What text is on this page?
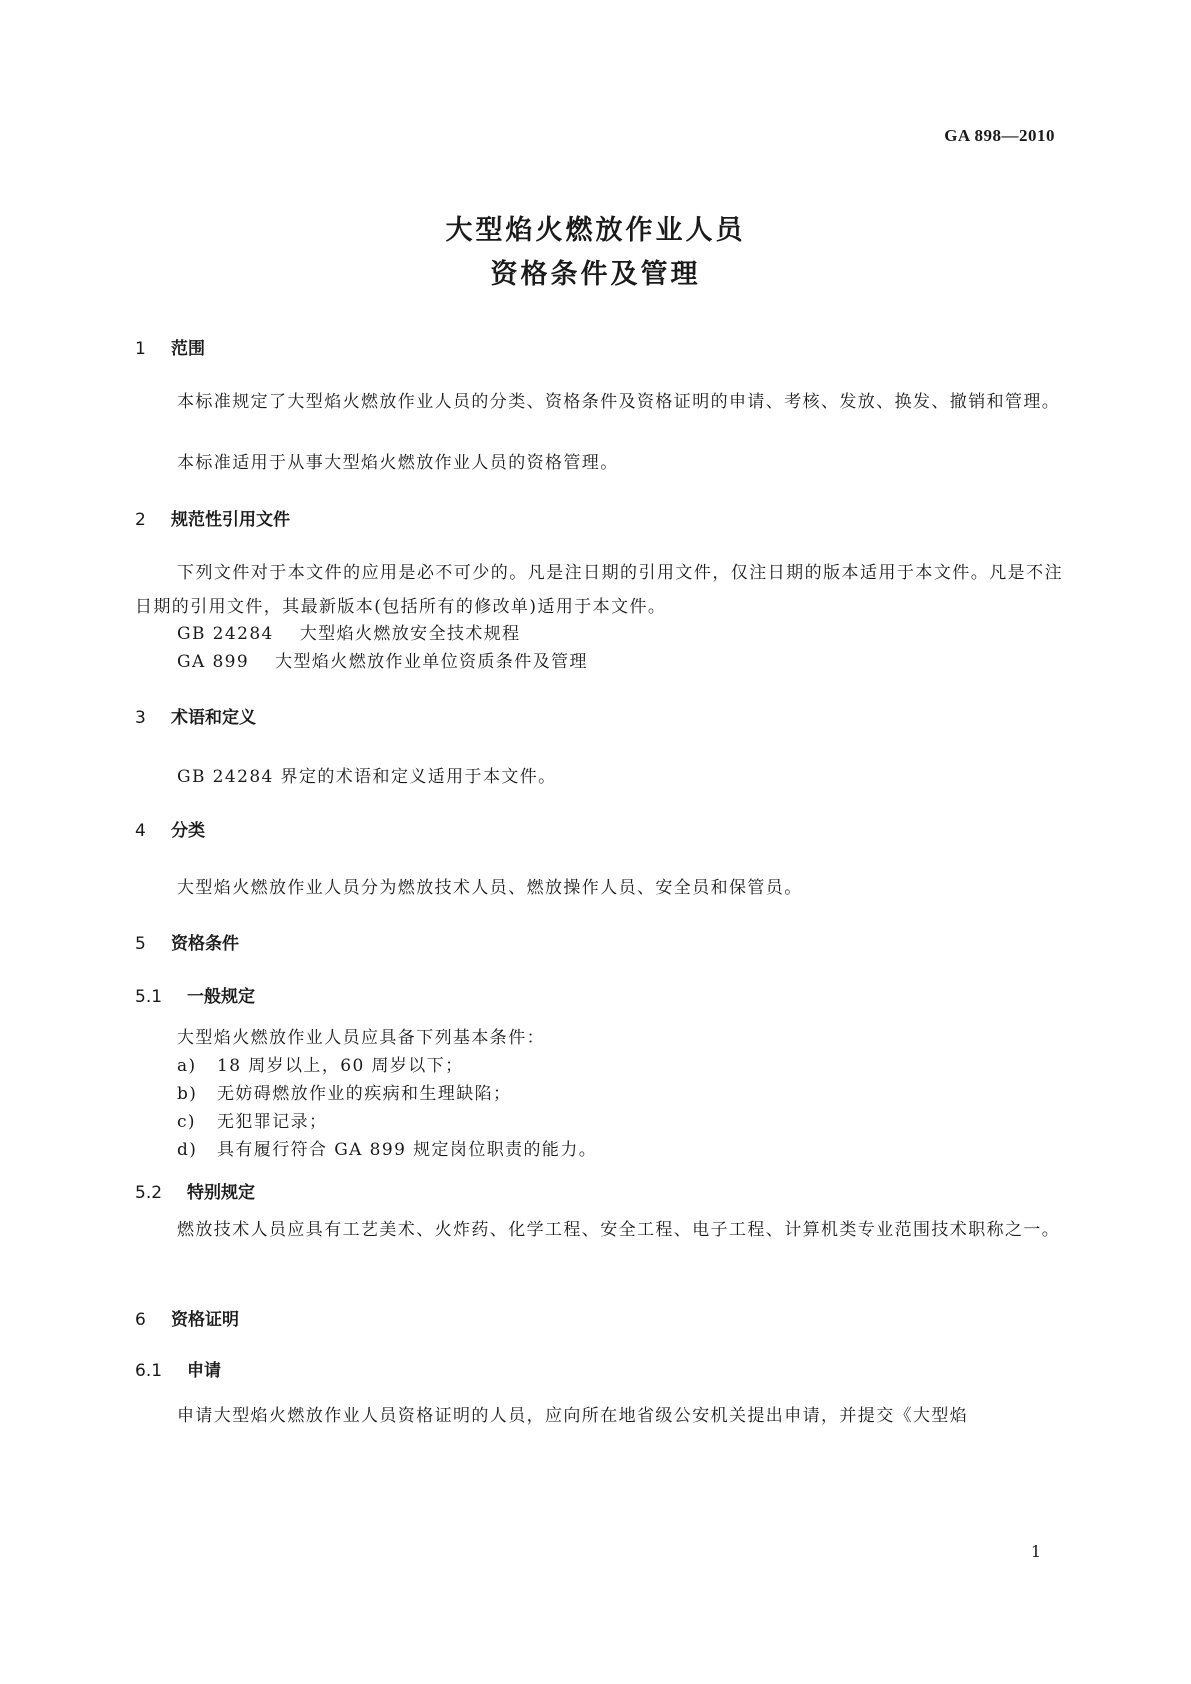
GA 898—2010
大型焰火燃放作业人员
资格条件及管理
1 范围
本标准规定了大型焰火燃放作业人员的分类、资格条件及资格证明的申请、考核、发放、换发、撤销和管理。
本标准适用于从事大型焰火燃放作业人员的资格管理。
2 规范性引用文件
下列文件对于本文件的应用是必不可少的。凡是注日期的引用文件，仅注日期的版本适用于本文件。凡是不注日期的引用文件，其最新版本(包括所有的修改单)适用于本文件。
GB 24284 大型焰火燃放安全技术规程
GA 899 大型焰火燃放作业单位资质条件及管理
3 术语和定义
GB 24284 界定的术语和定义适用于本文件。
4 分类
大型焰火燃放作业人员分为燃放技术人员、燃放操作人员、安全员和保管员。
5 资格条件
5.1 一般规定
大型焰火燃放作业人员应具备下列基本条件：
a) 18 周岁以上，60 周岁以下；
b) 无妨碍燃放作业的疾病和生理缺陷；
c) 无犯罪记录；
d) 具有履行符合 GA 899 规定岗位职责的能力。
5.2 特别规定
燃放技术人员应具有工艺美术、火炸药、化学工程、安全工程、电子工程、计算机类专业范围技术职称之一。
6 资格证明
6.1 申请
申请大型焰火燃放作业人员资格证明的人员，应向所在地省级公安机关提出申请，并提交《大型焰
1
